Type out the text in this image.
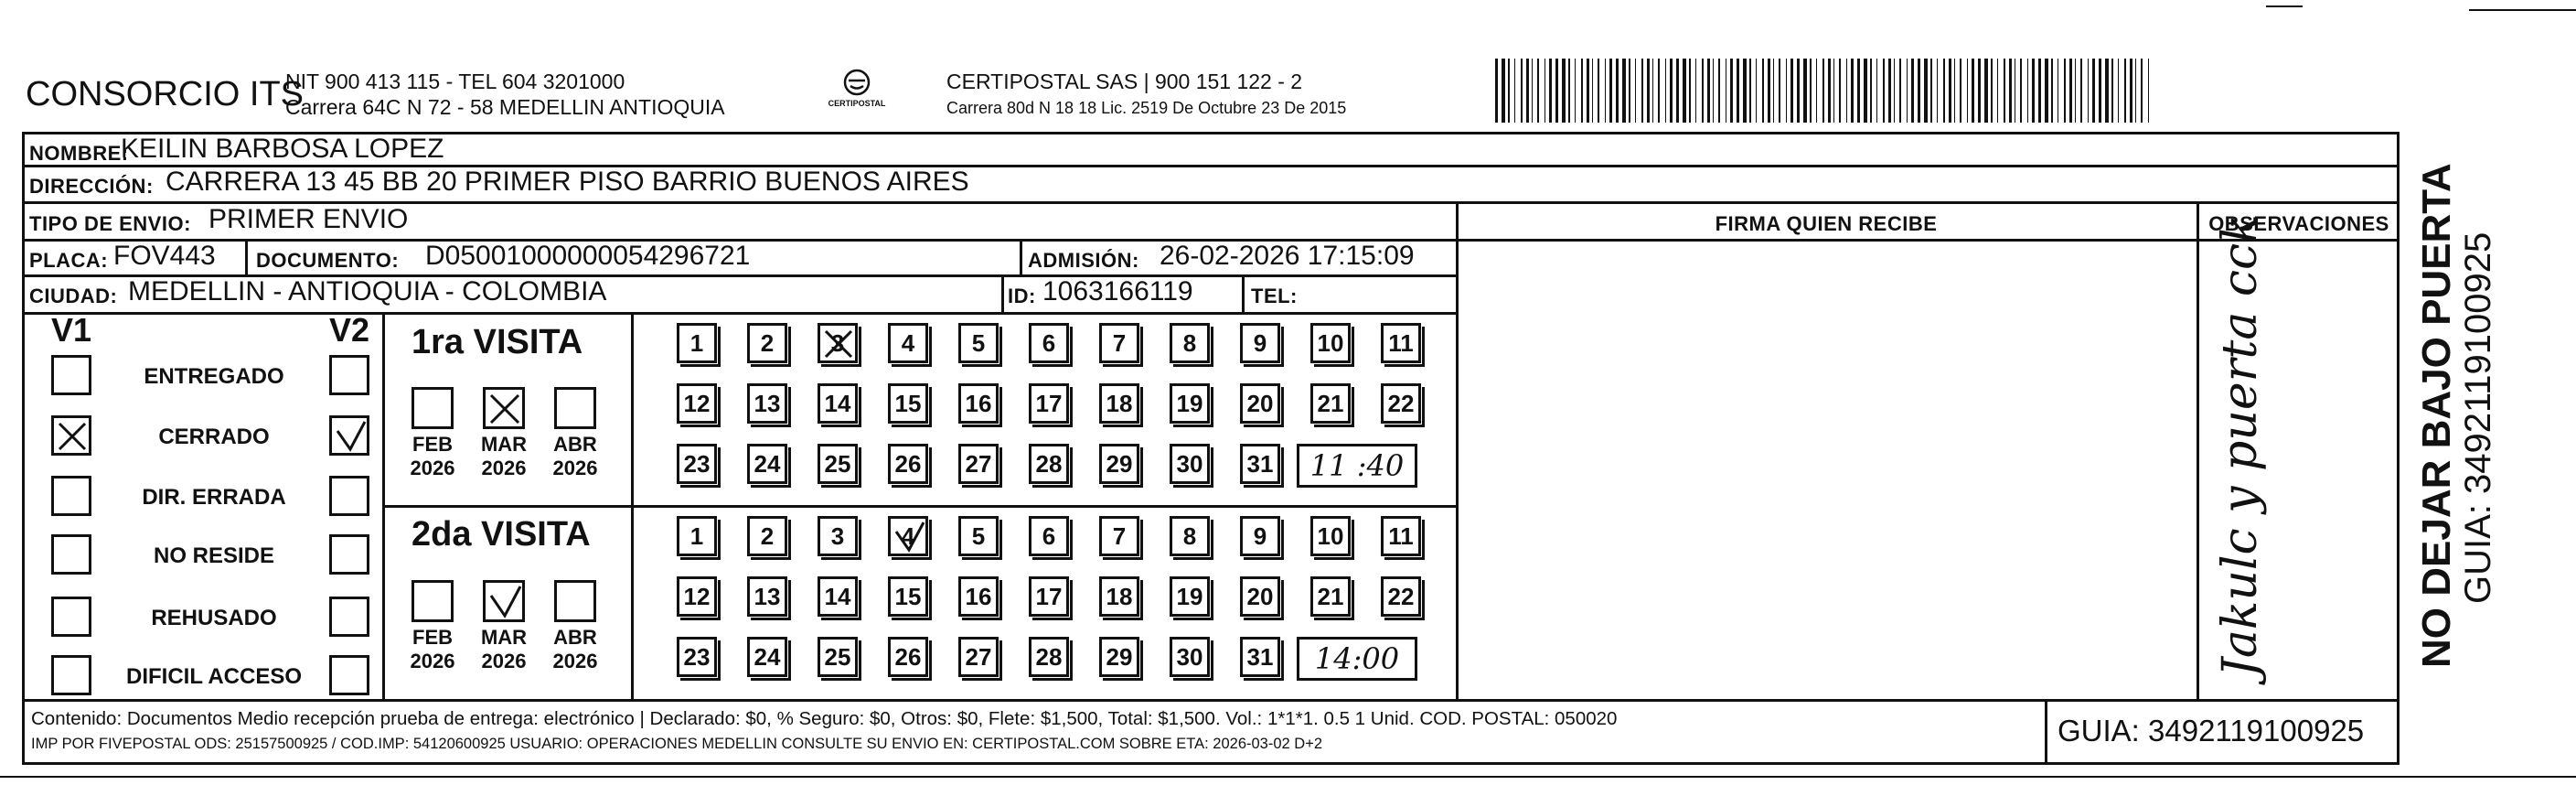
CONSORCIO ITS
NIT 900 413 115 - TEL 604 3201000
Carrera 64C N 72 - 58 MEDELLIN ANTIOQUIA	CERTIPOSTAL
CERTIPOSTAL SAS | 900 151 122 - 2
Carrera 80d N 18 18 Lic. 2519 De Octubre 23 De 2015
NOMBRE:
KEILIN BARBOSA LOPEZ
DIRECCIÓN: CARRERA 13 45 BB 20 PRIMER PISO BARRIO BUENOS AIRES
TIPO DE ENVIO: PRIMER ENVIO
PLACA: FOV443 DOCUMENTO: D05001000000054296721	ADMISIÓN: 26-02-2026 17:15:09
CIUDAD: MEDELLIN - ANTIOQUIA - COLOMBIA	ID: 1063166119	TEL:
FIRMA QUIEN RECIBE	OBSERVACIONES
Jakulc y puerta cck
V1	V2
ENTREGADO
CERRADO
DIR. ERRADA
NO RESIDE
REHUSADO
DIFICIL ACCESO
1ra VISITA
FEB
2026
MAR
2026
ABR
2026
1	2	3	4	5	6	7	8	9	10	11
12 13 14 15 16 17 18 19 20 21 22
23 24 25 26 27 28 29 30 31	11 :40
2da VISITA
FEB
2026
MAR
2026
ABR
2026
1	2	3	4	5	6	7	8	9	10	11
12 13 14 15 16 17 18 19 20 21 22
23 24 25 26 27 28 29 30 31	14:00
Contenido: Documentos Medio recepción prueba de entrega: electrónico | Declarado: $0, % Seguro: $0, Otros: $0, Flete: $1,500, Total: $1,500. Vol.: 1*1*1. 0.5 1 Unid. COD. POSTAL: 050020
IMP POR FIVEPOSTAL ODS: 25157500925 / COD.IMP: 54120600925 USUARIO: OPERACIONES MEDELLIN CONSULTE SU ENVIO EN: CERTIPOSTAL.COM SOBRE ETA: 2026-03-02 D+2	GUIA: 3492119100925
NO DEJAR BAJO PUERTA GUIA: 3492119100925
